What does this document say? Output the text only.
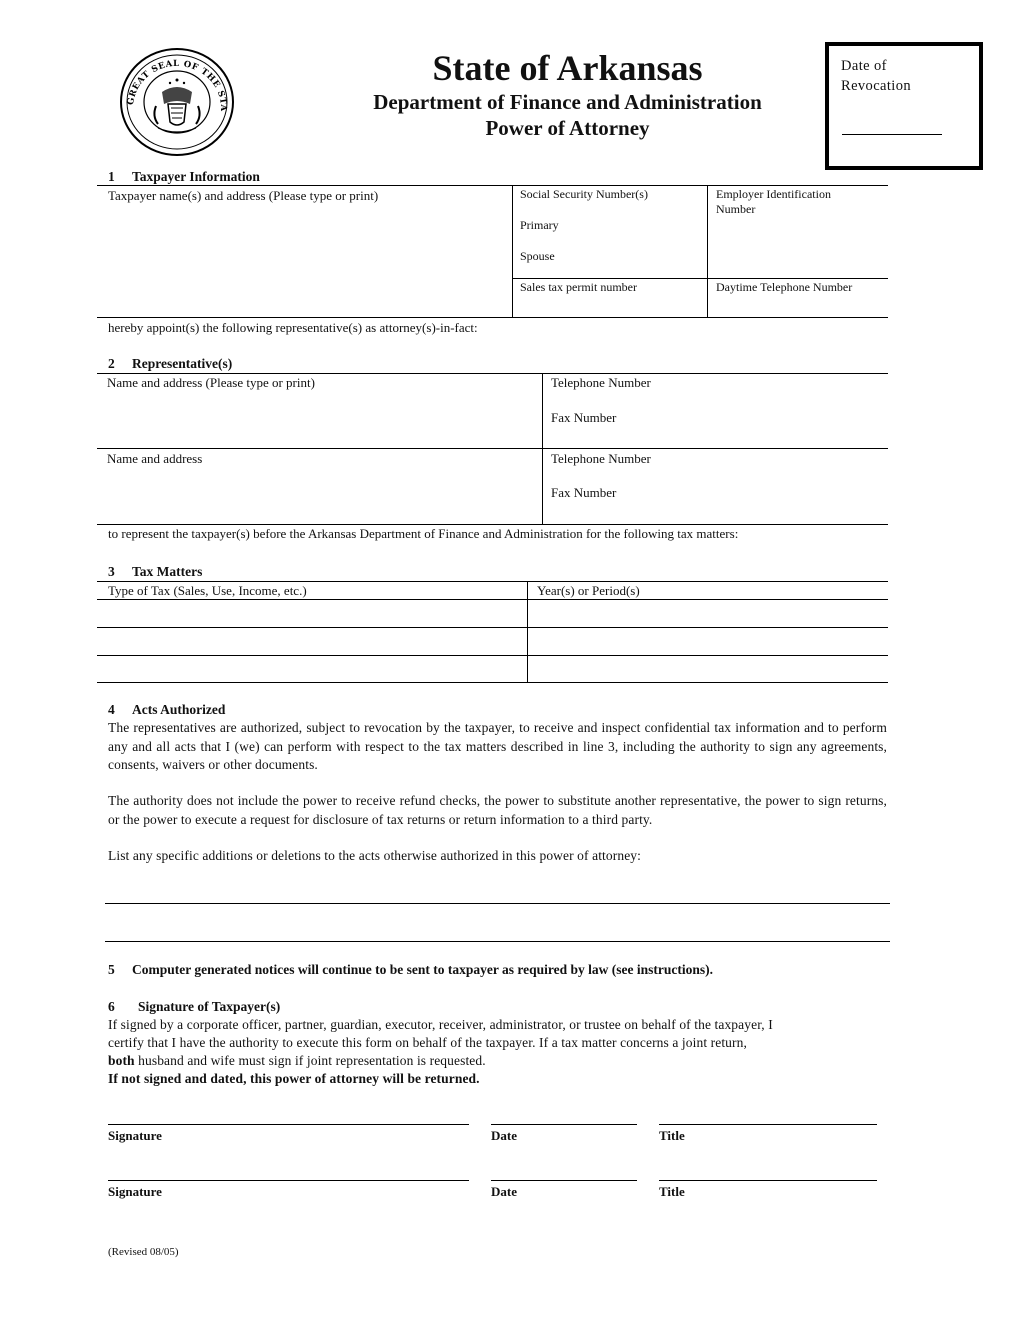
GREAT SEAL OF THE STA
State of Arkansas
Department of Finance and Administration
Power of Attorney
Date of
Revocation
1 Taxpayer Information
Taxpayer name(s) and address (Please type or print)	Social Security Number(s)
Primary
Spouse
Employer Identification
Number
Sales tax permit number	Daytime Telephone Number
hereby appoint(s) the following representative(s) as attorney(s)-in-fact:
2 Representative(s)
Name and address (Please type or print)	Telephone Number
Fax Number
Name and address	Telephone Number
Fax Number
to represent the taxpayer(s) before the Arkansas Department of Finance and Administration for the following tax matters:
3 Tax Matters
Type of Tax (Sales, Use, Income, etc.)	Year(s) or Period(s)
4 Acts Authorized
The representatives are authorized, subject to revocation by the taxpayer, to receive and inspect confidential tax information and to perform any and all acts that I (we) can perform with respect to the tax matters described in line 3, including the authority to sign any agreements, consents, waivers or other documents.
The authority does not include the power to receive refund checks, the power to substitute another representative, the power to sign returns, or the power to execute a request for disclosure of tax returns or return information to a third party.
List any specific additions or deletions to the acts otherwise authorized in this power of attorney:
5 Computer generated notices will continue to be sent to taxpayer as required by law (see instructions).
6 Signature of Taxpayer(s)
If signed by a corporate officer, partner, guardian, executor, receiver, administrator, or trustee on behalf of the taxpayer, I
certify that I have the authority to execute this form on behalf of the taxpayer. If a tax matter concerns a joint return,
both husband and wife must sign if joint representation is requested.
If not signed and dated, this power of attorney will be returned.
Signature	Date	Title
Signature	Date	Title
(Revised 08/05)
